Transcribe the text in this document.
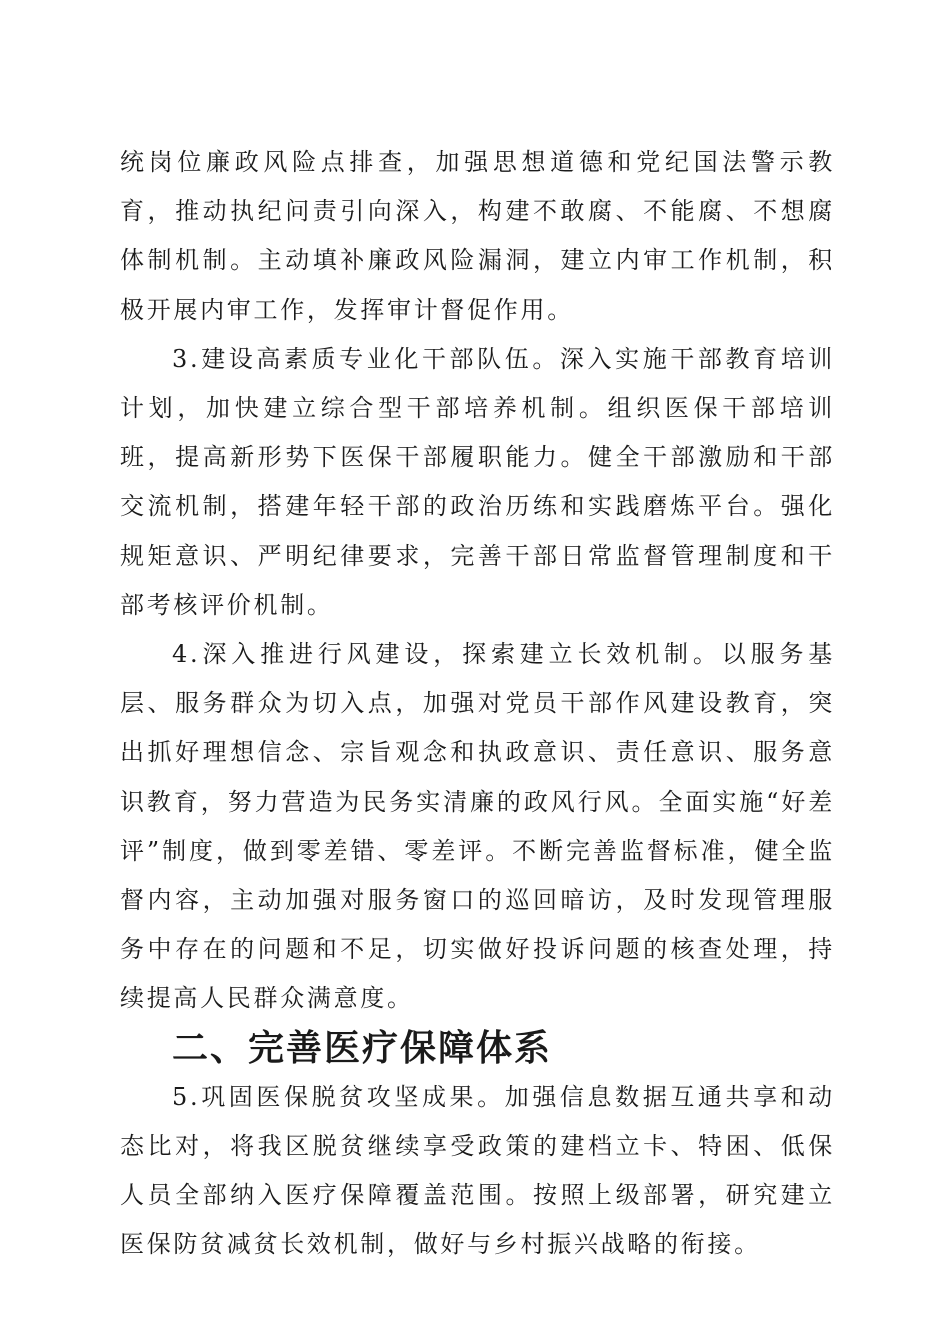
统岗位廉政风险点排查，加强思想道德和党纪国法警示教育，推动执纪问责引向深入，构建不敢腐、不能腐、不想腐体制机制。主动填补廉政风险漏洞，建立内审工作机制，积极开展内审工作，发挥审计督促作用。

3.建设高素质专业化干部队伍。深入实施干部教育培训计划，加快建立综合型干部培养机制。组织医保干部培训班，提高新形势下医保干部履职能力。健全干部激励和干部交流机制，搭建年轻干部的政治历练和实践磨炼平台。强化规矩意识、严明纪律要求，完善干部日常监督管理制度和干部考核评价机制。

4.深入推进行风建设，探索建立长效机制。以服务基层、服务群众为切入点，加强对党员干部作风建设教育，突出抓好理想信念、宗旨观念和执政意识、责任意识、服务意识教育，努力营造为民务实清廉的政风行风。全面实施“好差评”制度，做到零差错、零差评。不断完善监督标准，健全监督内容，主动加强对服务窗口的巡回暗访，及时发现管理服务中存在的问题和不足，切实做好投诉问题的核查处理，持续提高人民群众满意度。

二、完善医疗保障体系

5.巩固医保脱贫攻坚成果。加强信息数据互通共享和动态比对，将我区脱贫继续享受政策的建档立卡、特困、低保人员全部纳入医疗保障覆盖范围。按照上级部署，研究建立医保防贫减贫长效机制，做好与乡村振兴战略的衔接。
